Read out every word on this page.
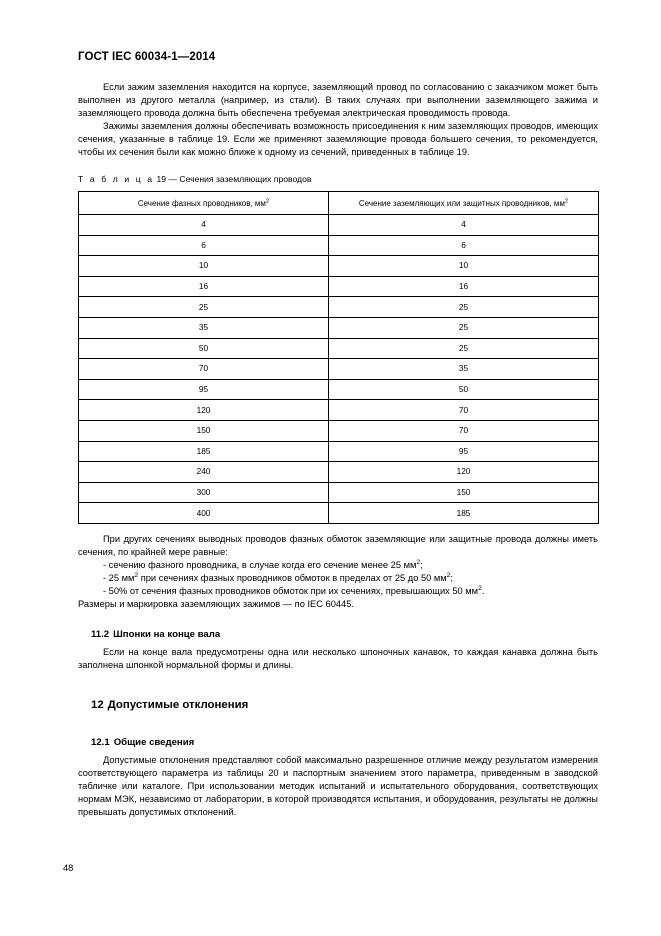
ГОСТ IEC 60034-1—2014

Если зажим заземления находится на корпусе, заземляющий провод по согласованию с заказчиком может быть выполнен из другого металла (например, из стали). В таких случаях при выполнении заземляющего зажима и заземляющего провода должна быть обеспечена требуемая электрическая проводимость провода.

Зажимы заземления должны обеспечивать возможность присоединения к ним заземляющих проводов, имеющих сечения, указанные в таблице 19. Если же применяют заземляющие провода большего сечения, то рекомендуется, чтобы их сечения были как можно ближе к одному из сечений, приведенных в таблице 19.

Т а б л и ц а 19 — Сечения заземляющих проводов
Сечение фазных проводников, $мм^2$	Сечение заземляющих или защитных проводников, $мм^2$
4	4
6	6
10	10
16	16
25	25
35	25
50	25
70	35
95	50
120	70
150	70
185	95
240	120
300	150
400	185

При других сечениях выводных проводов фазных обмоток заземляющие или защитные провода должны иметь сечения, по крайней мере равные:

- сечению фазного проводника, в случае когда его сечение менее 25 $мм^2$;
- 25 $мм^2$ при сечениях фазных проводников обмоток в пределах от 25 до 50 $мм^2$;
- 50% от сечения фазных проводников обмоток при их сечениях, превышающих 50 $мм^2$.

Размеры и маркировка заземляющих зажимов — по IEC 60445.

11.2 Шпонки на конце вала

Если на конце вала предусмотрены одна или несколько шпоночных канавок, то каждая канавка должна быть заполнена шпонкой нормальной формы и длины.

12 Допустимые отклонения
12.1 Общие сведения

Допустимые отклонения представляют собой максимально разрешенное отличие между результатом измерения соответствующего параметра из таблицы 20 и паспортным значением этого параметра, приведенным в заводской табличке или каталоге. При использовании методик испытаний и испытательного оборудования, соответствующих нормам МЭК, независимо от лаборатории, в которой производятся испытания, и оборудования, результаты не должны превышать допустимых отклонений.

48
